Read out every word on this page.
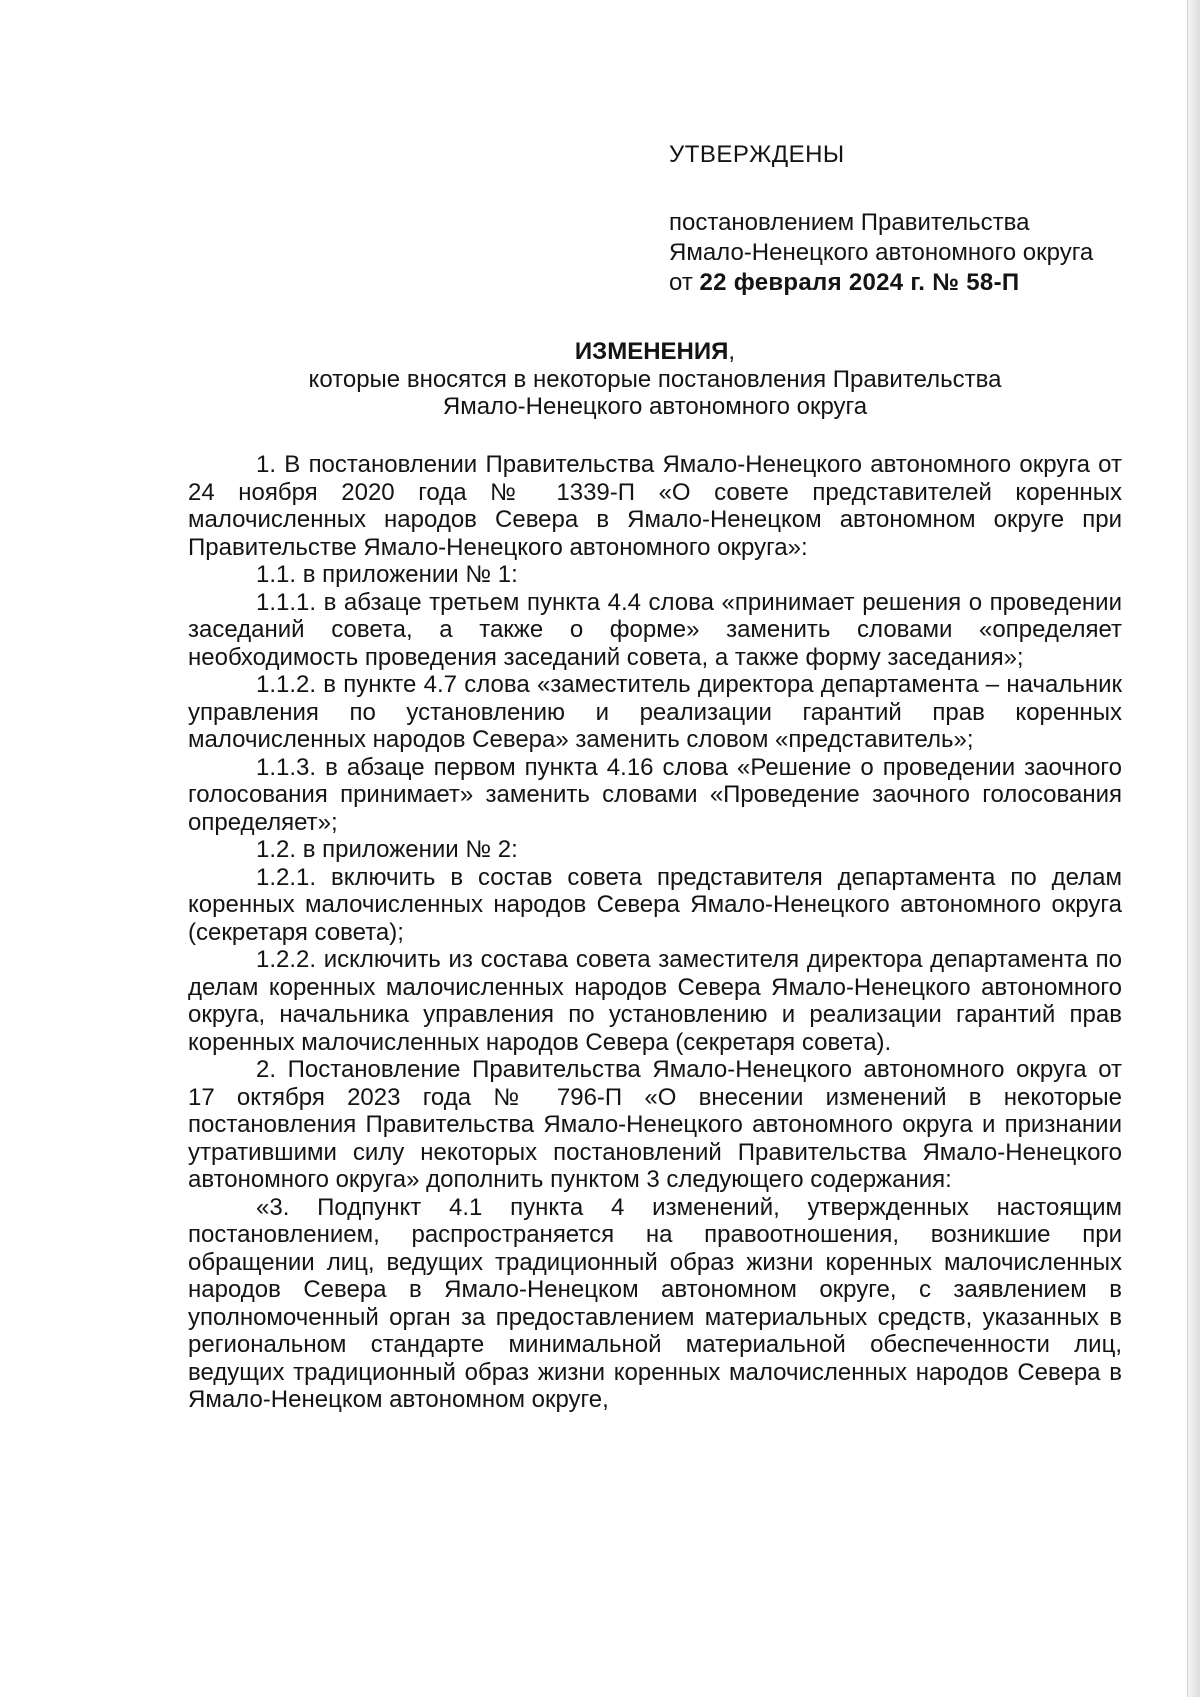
УТВЕРЖДЕНЫ
постановлением Правительства
Ямало-Ненецкого автономного округа
от 22 февраля 2024 г. № 58-П
ИЗМЕНЕНИЯ,
которые вносятся в некоторые постановления Правительства
Ямало-Ненецкого автономного округа

1. В постановлении Правительства Ямало-Ненецкого автономного округа от 24 ноября 2020 года № 1339-П «О совете представителей коренных малочисленных народов Севера в Ямало-Ненецком автономном округе при Правительстве Ямало-Ненецкого автономного округа»:

1.1. в приложении № 1:

1.1.1. в абзаце третьем пункта 4.4 слова «принимает решения о проведении заседаний совета, а также о форме» заменить словами «определяет необходимость проведения заседаний совета, а также форму заседания»;

1.1.2. в пункте 4.7 слова «заместитель директора департамента – начальник управления по установлению и реализации гарантий прав коренных малочисленных народов Севера» заменить словом «представитель»;

1.1.3. в абзаце первом пункта 4.16 слова «Решение о проведении заочного голосования принимает» заменить словами «Проведение заочного голосования определяет»;

1.2. в приложении № 2:

1.2.1. включить в состав совета представителя департамента по делам коренных малочисленных народов Севера Ямало-Ненецкого автономного округа (секретаря совета);

1.2.2. исключить из состава совета заместителя директора департамента по делам коренных малочисленных народов Севера Ямало-Ненецкого автономного округа, начальника управления по установлению и реализации гарантий прав коренных малочисленных народов Севера (секретаря совета).

2. Постановление Правительства Ямало-Ненецкого автономного округа от 17 октября 2023 года № 796-П «О внесении изменений в некоторые постановления Правительства Ямало-Ненецкого автономного округа и признании утратившими силу некоторых постановлений Правительства Ямало-Ненецкого автономного округа» дополнить пунктом 3 следующего содержания:

«3. Подпункт 4.1 пункта 4 изменений, утвержденных настоящим постановлением, распространяется на правоотношения, возникшие при обращении лиц, ведущих традиционный образ жизни коренных малочисленных народов Севера в Ямало-Ненецком автономном округе, с заявлением в уполномоченный орган за предоставлением материальных средств, указанных в региональном стандарте минимальной материальной обеспеченности лиц, ведущих традиционный образ жизни коренных малочисленных народов Севера в Ямало-Ненецком автономном округе,
